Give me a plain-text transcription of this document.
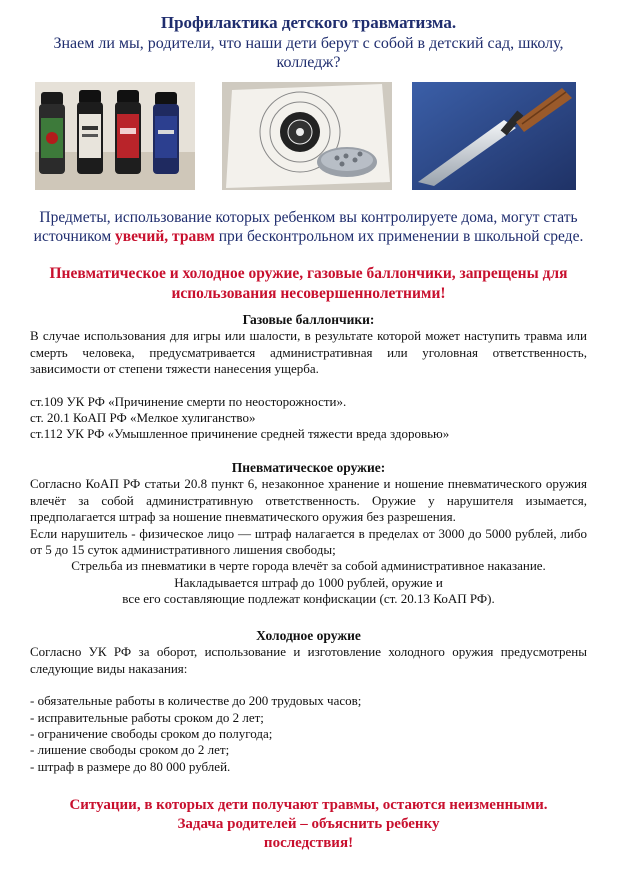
Профилактика детского травматизма.
Знаем ли мы, родители, что наши дети берут с собой в детский сад, школу, колледж?
Предметы, использование которых ребенком вы контролируете дома, могут стать источником увечий, травм при бесконтрольном их применении в школьной среде.
Пневматическое и холодное оружие, газовые баллончики, запрещены для использования несовершеннолетними!

Газовые баллончики:

В случае использования для игры или шалости, в результате которой может наступить травма или смерть человека, предусматривается административная или уголовная ответственность, зависимости от степени тяжести нанесения ущерба.

ст.109 УК РФ «Причинение смерти по неосторожности».

ст. 20.1 КоАП РФ «Мелкое хулиганство»

ст.112 УК РФ «Умышленное причинение средней тяжести вреда здоровью»

Пневматическое оружие:

Согласно КоАП РФ статьи 20.8 пункт 6, незаконное хранение и ношение пневматического оружия влечёт за собой административную ответственность. Оружие у нарушителя изымается, предполагается штраф за ношение пневматического оружия без разрешения.

Если нарушитель - физическое лицо — штраф налагается в пределах от 3000 до 5000 рублей, либо от 5 до 15 суток административного лишения свободы;

Стрельба из пневматики в черте города влечёт за собой административное наказание.

Накладывается штраф до 1000 рублей, оружие и

все его составляющие подлежат конфискации (ст. 20.13 КоАП РФ).

Холодное оружие

Согласно УК РФ за оборот, использование и изготовление холодного оружия предусмотрены следующие виды наказания:

- обязательные работы в количестве до 200 трудовых часов;

- исправительные работы сроком до 2 лет;

- ограничение свободы сроком до полугода;

- лишение свободы сроком до 2 лет;

- штраф в размере до 80 000 рублей.

Ситуации, в которых дети получают травмы, остаются неизменными.

Задача родителей – объяснить ребенку

последствия!
